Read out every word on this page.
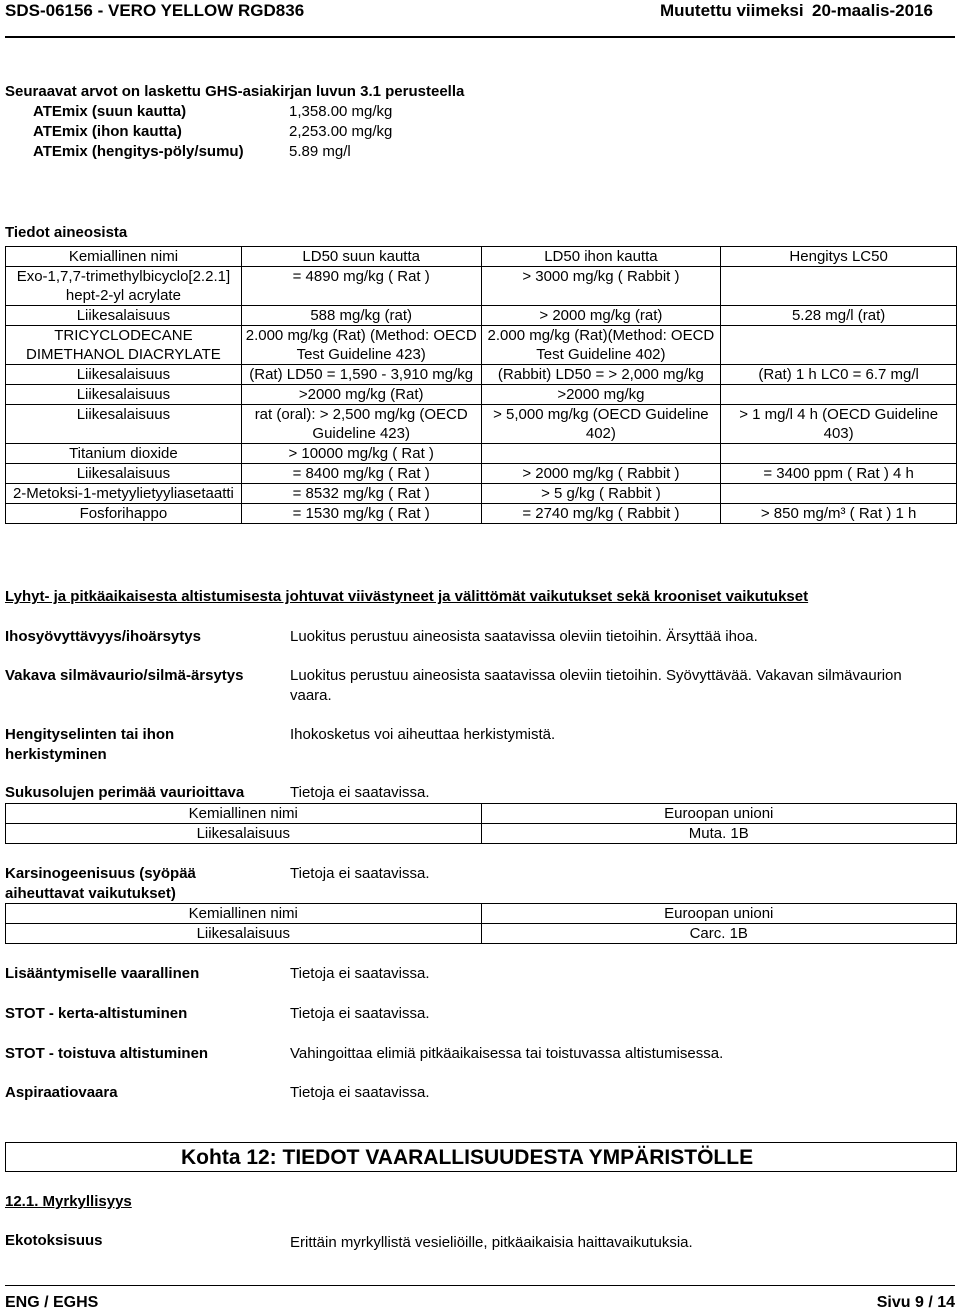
SDS-06156 - VERO YELLOW RGD836	Muutettu viimeksi 20-maalis-2016
Seuraavat arvot on laskettu GHS-asiakirjan luvun 3.1 perusteella
ATEmix (suun kautta)	1,358.00 mg/kg
ATEmix (ihon kautta)	2,253.00 mg/kg
ATEmix (hengitys-pöly/sumu)	5.89 mg/l
Tiedot aineosista
Kemiallinen nimi	LD50 suun kautta	LD50 ihon kautta	Hengitys LC50
Exo-1,7,7-trimethylbicyclo[2.2.1] hept-2-yl acrylate	= 4890 mg/kg ( Rat )	> 3000 mg/kg ( Rabbit )	
Liikesalaisuus	588 mg/kg (rat)	> 2000 mg/kg (rat)	5.28 mg/l (rat)
TRICYCLODECANE DIMETHANOL DIACRYLATE	2.000 mg/kg (Rat) (Method: OECD Test Guideline 423)	2.000 mg/kg (Rat)(Method: OECD Test Guideline 402)	
Liikesalaisuus	(Rat) LD50 = 1,590 - 3,910 mg/kg	(Rabbit) LD50 = > 2,000 mg/kg	(Rat) 1 h LC0 = 6.7 mg/l
Liikesalaisuus	>2000 mg/kg (Rat)	>2000 mg/kg	
Liikesalaisuus	rat (oral): > 2,500 mg/kg (OECD Guideline 423)	> 5,000 mg/kg (OECD Guideline 402)	> 1 mg/l 4 h (OECD Guideline 403)
Titanium dioxide	> 10000 mg/kg ( Rat )		
Liikesalaisuus	= 8400 mg/kg ( Rat )	> 2000 mg/kg ( Rabbit )	= 3400 ppm ( Rat ) 4 h
2-Metoksi-1-metyylietyyliasetaatti	= 8532 mg/kg ( Rat )	> 5 g/kg ( Rabbit )	
Fosforihappo	= 1530 mg/kg ( Rat )	= 2740 mg/kg ( Rabbit )	> 850 mg/m³ ( Rat ) 1 h
Lyhyt- ja pitkäaikaisesta altistumisesta johtuvat viivästyneet ja välittömät vaikutukset sekä krooniset vaikutukset
Ihosyövyttävyys/ihoärsytys	Luokitus perustuu aineosista saatavissa oleviin tietoihin. Ärsyttää ihoa.
Vakava silmävaurio/silmä-ärsytys	Luokitus perustuu aineosista saatavissa oleviin tietoihin. Syövyttävää. Vakavan silmävaurion vaara.
Hengityselinten tai ihon herkistyminen
Ihokosketus voi aiheuttaa herkistymistä.
Sukusolujen perimää vaurioittava	Tietoja ei saatavissa.
Kemiallinen nimi	Euroopan unioni
Liikesalaisuus	Muta. 1B
Karsinogeenisuus (syöpää aiheuttavat vaikutukset)
Tietoja ei saatavissa.
Kemiallinen nimi	Euroopan unioni
Liikesalaisuus	Carc. 1B
Lisääntymiselle vaarallinen	Tietoja ei saatavissa.
STOT - kerta-altistuminen	Tietoja ei saatavissa.
STOT - toistuva altistuminen	Vahingoittaa elimiä pitkäaikaisessa tai toistuvassa altistumisessa.
Aspiraatiovaara	Tietoja ei saatavissa.
Kohta 12: TIEDOT VAARALLISUUDESTA YMPÄRISTÖLLE
12.1. Myrkyllisyys
Ekotoksisuus	Erittäin myrkyllistä vesieliöille, pitkäaikaisia haittavaikutuksia.
ENG / EGHS	Sivu 9 / 14
